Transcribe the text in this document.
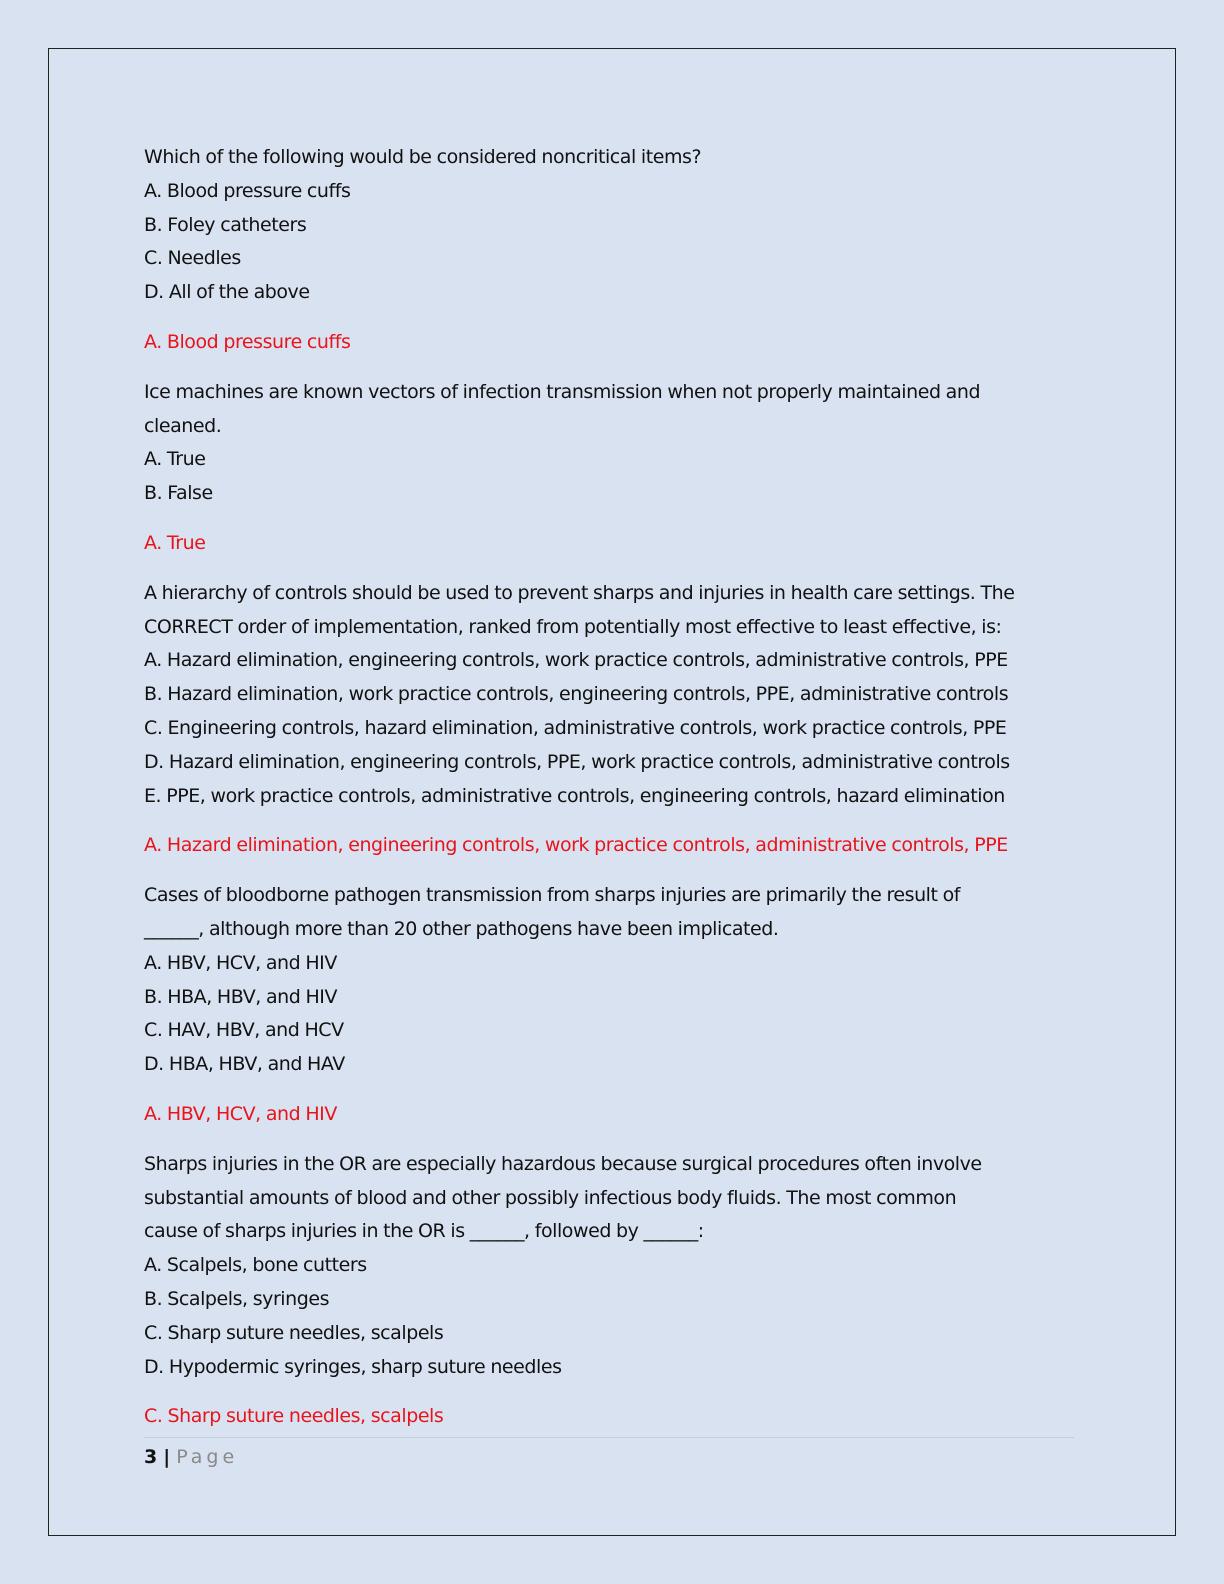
Which of the following would be considered noncritical items?
A. Blood pressure cuffs
B. Foley catheters
C. Needles
D. All of the above
A. Blood pressure cuffs
Ice machines are known vectors of infection transmission when not properly maintained and
cleaned.
A. True
B. False
A. True
A hierarchy of controls should be used to prevent sharps and injuries in health care settings. The
CORRECT order of implementation, ranked from potentially most effective to least effective, is:
A. Hazard elimination, engineering controls, work practice controls, administrative controls, PPE
B. Hazard elimination, work practice controls, engineering controls, PPE, administrative controls
C. Engineering controls, hazard elimination, administrative controls, work practice controls, PPE
D. Hazard elimination, engineering controls, PPE, work practice controls, administrative controls
E. PPE, work practice controls, administrative controls, engineering controls, hazard elimination
A. Hazard elimination, engineering controls, work practice controls, administrative controls, PPE
Cases of bloodborne pathogen transmission from sharps injuries are primarily the result of
______, although more than 20 other pathogens have been implicated.
A. HBV, HCV, and HIV
B. HBA, HBV, and HIV
C. HAV, HBV, and HCV
D. HBA, HBV, and HAV
A. HBV, HCV, and HIV
Sharps injuries in the OR are especially hazardous because surgical procedures often involve
substantial amounts of blood and other possibly infectious body fluids. The most common
cause of sharps injuries in the OR is ______, followed by ______:
A. Scalpels, bone cutters
B. Scalpels, syringes
C. Sharp suture needles, scalpels
D. Hypodermic syringes, sharp suture needles
C. Sharp suture needles, scalpels
3 | Page
